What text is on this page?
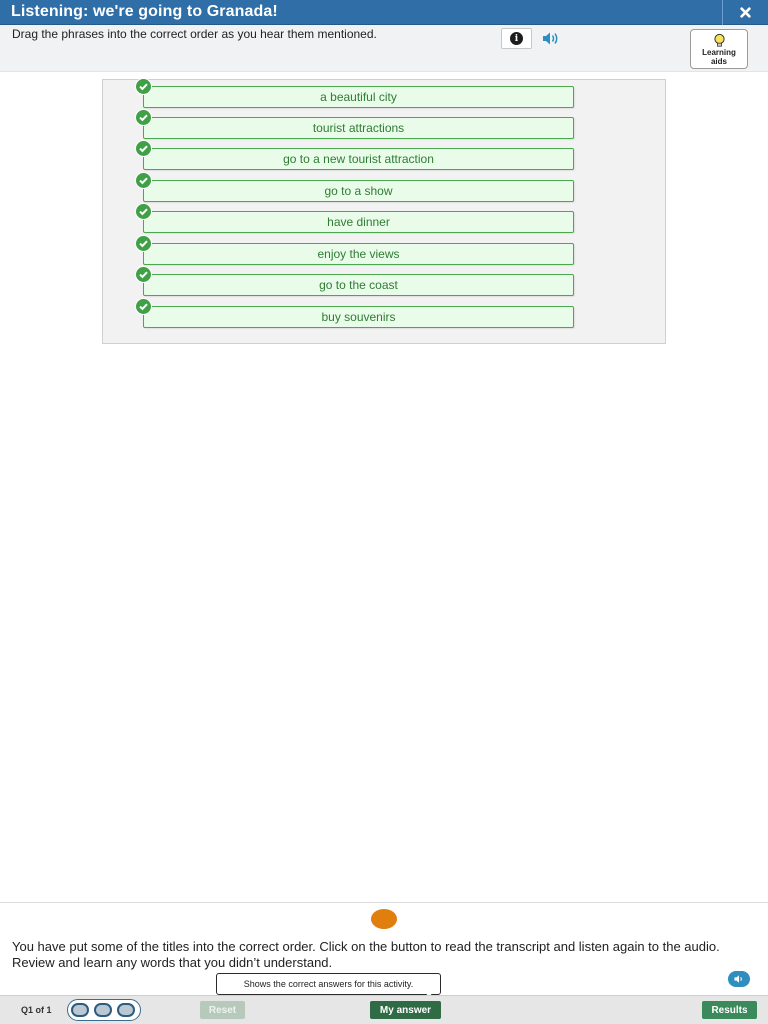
Listening: we're going to Granada!
Drag the phrases into the correct order as you hear them mentioned.	i
Learning
aids
a beautiful city
tourist attractions
go to a new tourist attraction
go to a show
have dinner
enjoy the views
go to the coast
buy souvenirs
You have put some of the titles into the correct order. Click on the button to read the transcript and listen again to the audio. Review and learn any words that you didn’t understand.
Shows the correct answers for this activity.
Q1 of 1	Reset	My answer	Results
